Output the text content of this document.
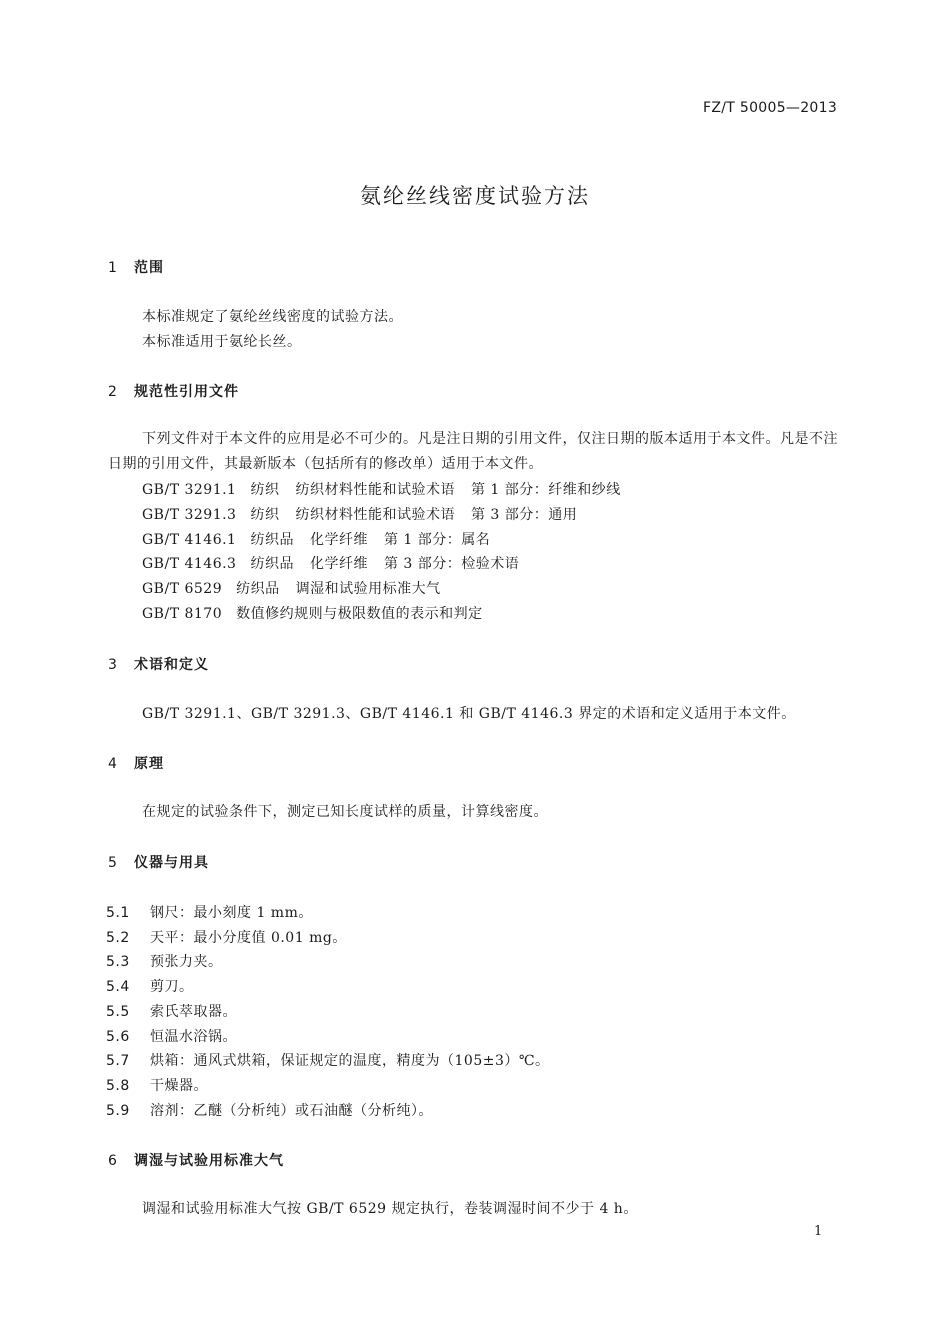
FZ/T 50005—2013
氨纶丝线密度试验方法
1 范围
本标准规定了氨纶丝线密度的试验方法。
本标准适用于氨纶长丝。
2 规范性引用文件
下列文件对于本文件的应用是必不可少的。凡是注日期的引用文件，仅注日期的版本适用于本文件。凡是不注日期的引用文件，其最新版本（包括所有的修改单）适用于本文件。
GB/T 3291.1 纺织 纺织材料性能和试验术语 第 1 部分：纤维和纱线
GB/T 3291.3 纺织 纺织材料性能和试验术语 第 3 部分：通用
GB/T 4146.1 纺织品 化学纤维 第 1 部分：属名
GB/T 4146.3 纺织品 化学纤维 第 3 部分：检验术语
GB/T 6529 纺织品 调湿和试验用标准大气
GB/T 8170 数值修约规则与极限数值的表示和判定
3 术语和定义
GB/T 3291.1、GB/T 3291.3、GB/T 4146.1 和 GB/T 4146.3 界定的术语和定义适用于本文件。
4 原理
在规定的试验条件下，测定已知长度试样的质量，计算线密度。
5 仪器与用具
5.1 钢尺：最小刻度 1 mm。
5.2 天平：最小分度值 0.01 mg。
5.3 预张力夹。
5.4 剪刀。
5.5 索氏萃取器。
5.6 恒温水浴锅。
5.7 烘箱：通风式烘箱，保证规定的温度，精度为（105±3）℃。
5.8 干燥器。
5.9 溶剂：乙醚（分析纯）或石油醚（分析纯）。
6 调湿与试验用标准大气
调湿和试验用标准大气按 GB/T 6529 规定执行，卷装调湿时间不少于 4 h。
1
